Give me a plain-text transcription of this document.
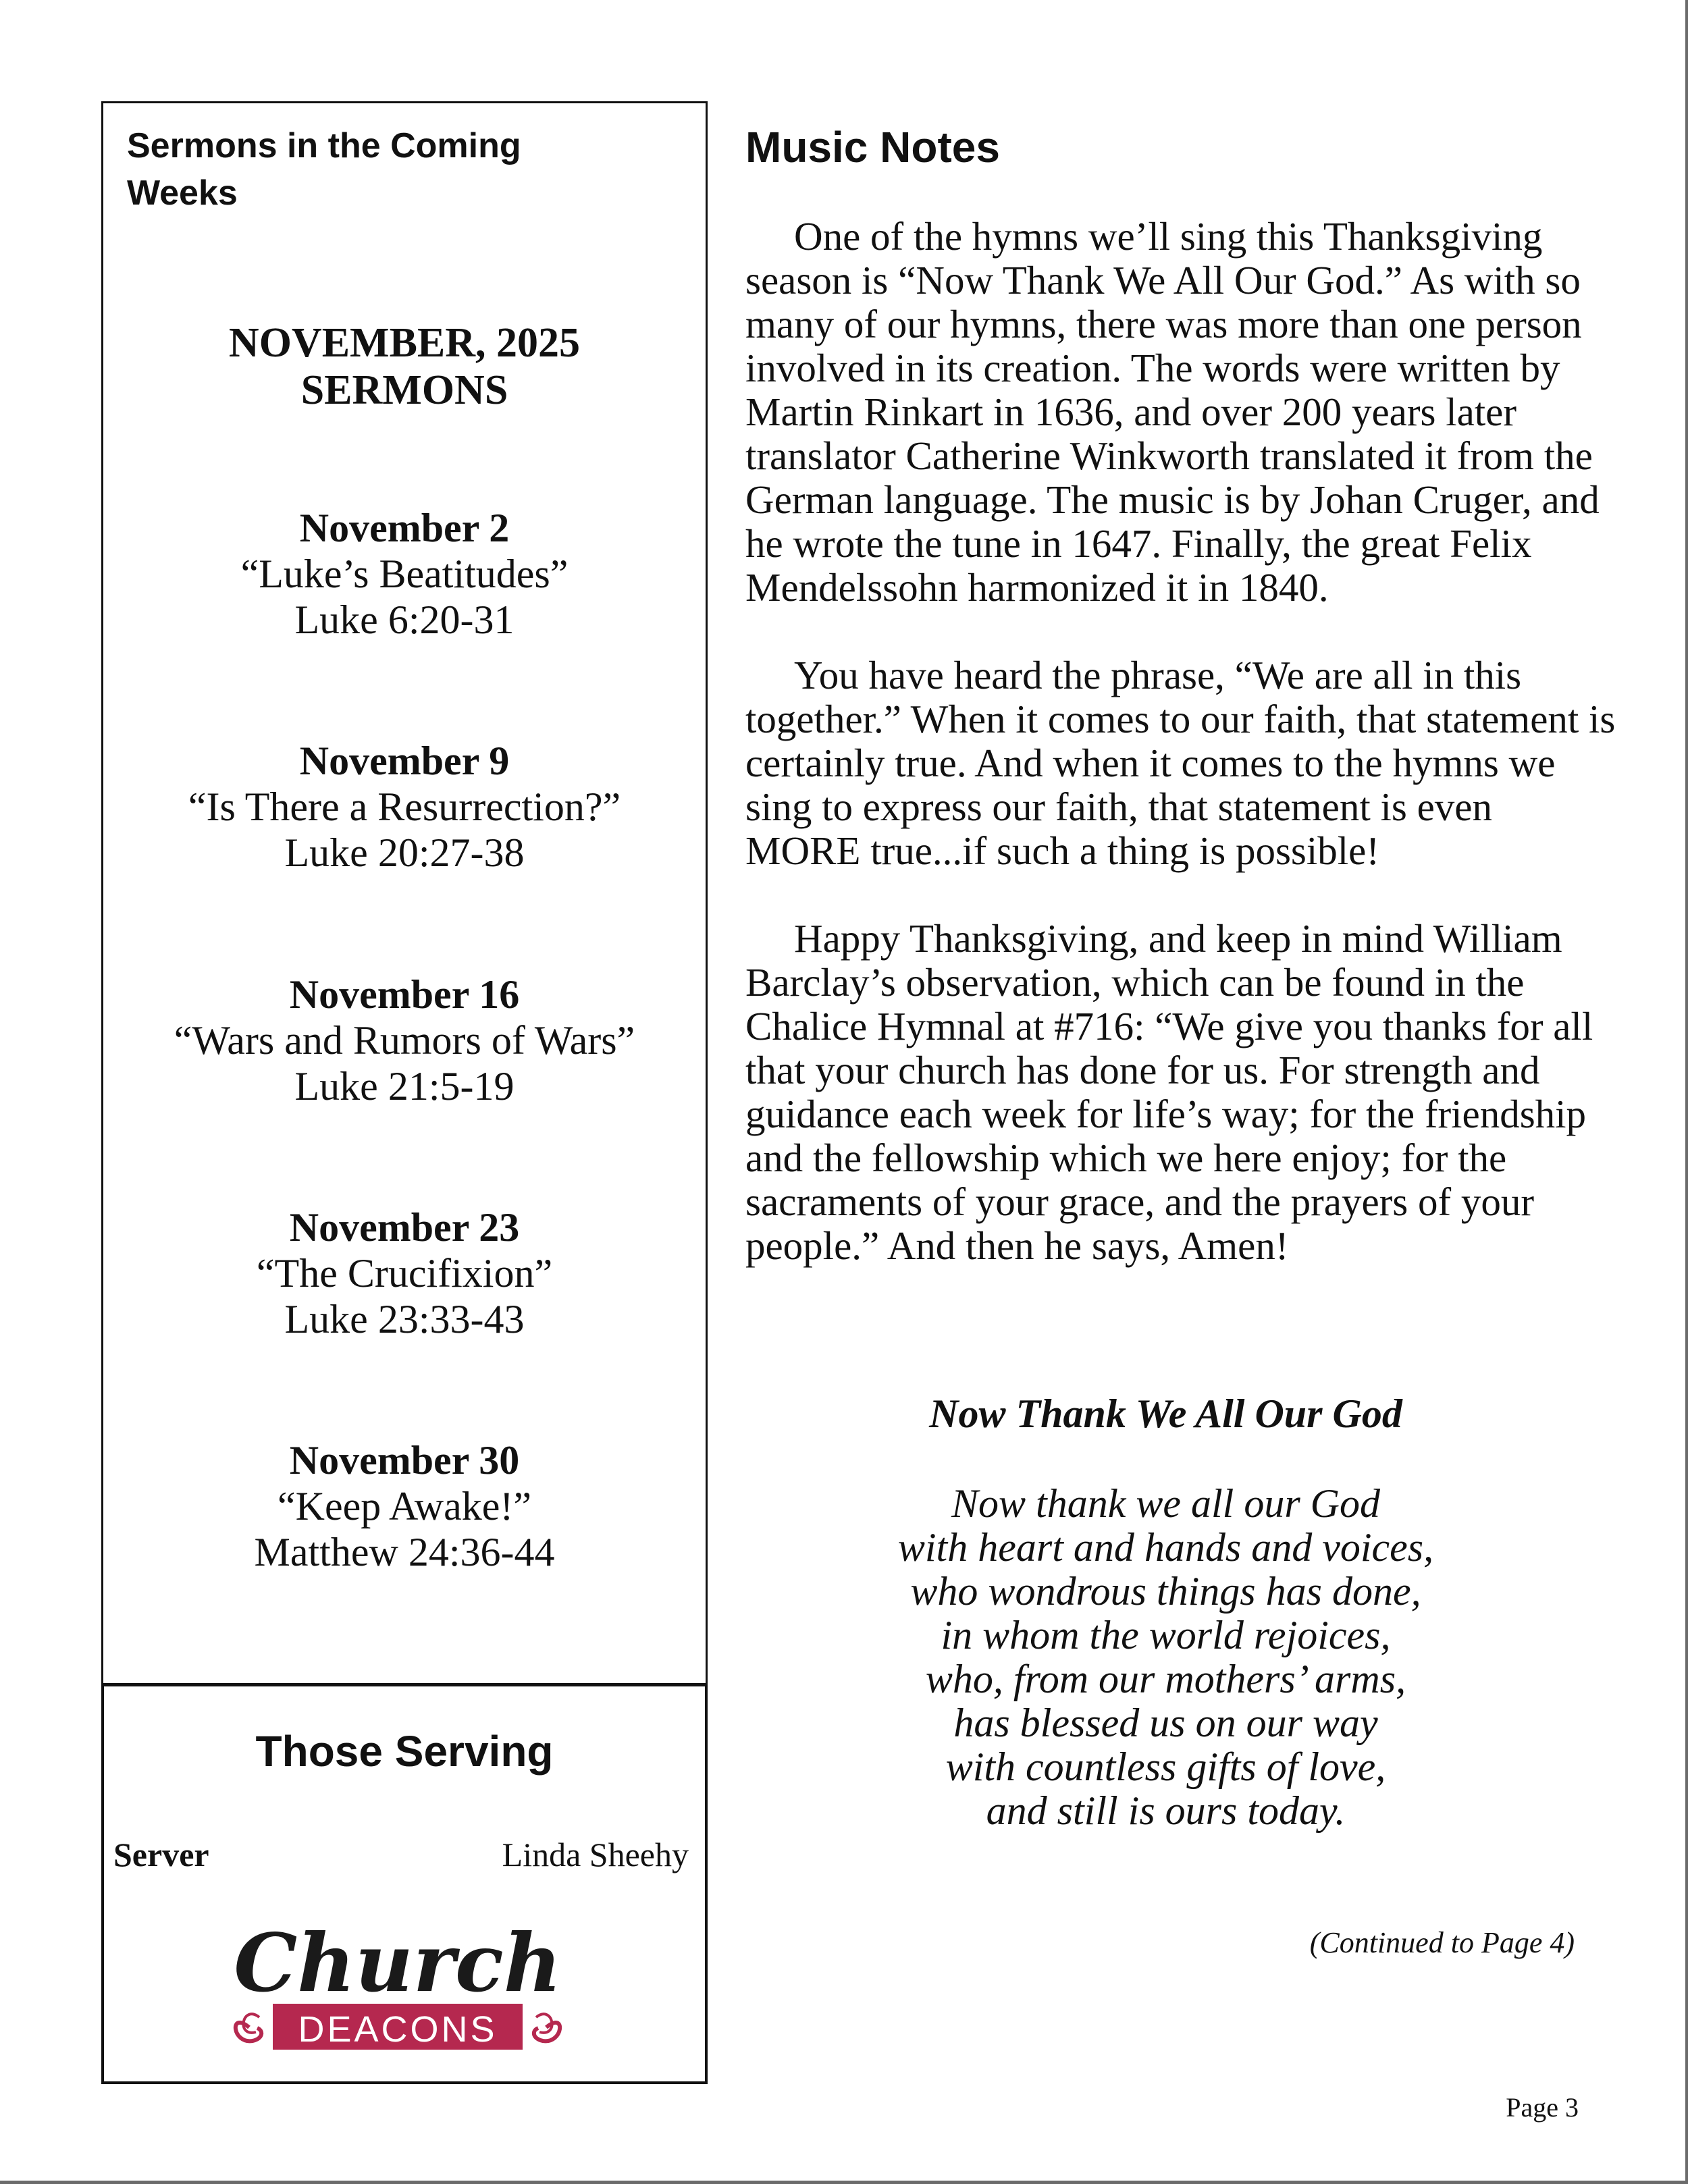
Sermons in the Coming Weeks
NOVEMBER, 2025
SERMONS
November 2
“Luke’s Beatitudes”
Luke 6:20-31
November 9
“Is There a Resurrection?”
Luke 20:27-38
November 16
“Wars and Rumors of Wars”
Luke 21:5-19
November 23
“The Crucifixion”
Luke 23:33-43
November 30
“Keep Awake!”
Matthew 24:36-44
Those Serving
Server	Linda Sheehy
Church
DEACONS
Music Notes

One of the hymns we’ll sing this Thanksgiving season is “Now Thank We All Our God.” As with so many of our hymns, there was more than one person involved in its creation. The words were written by Martin Rinkart in 1636, and over 200 years later translator Catherine Winkworth translated it from the German language. The music is by Johan Cruger, and he wrote the tune in 1647. Finally, the great Felix Mendelssohn harmonized it in 1840.

You have heard the phrase, “We are all in this together.” When it comes to our faith, that statement is certainly true. And when it comes to the hymns we sing to express our faith, that statement is even MORE true...if such a thing is possible!

Happy Thanksgiving, and keep in mind William Barclay’s observation, which can be found in the Chalice Hymnal at #716: “We give you thanks for all that your church has done for us. For strength and guidance each week for life’s way; for the friendship and the fellowship which we here enjoy; for the sacraments of your grace, and the prayers of your people.” And then he says, Amen!

Now Thank We All Our God
Now thank we all our God
with heart and hands and voices,
who wondrous things has done,
in whom the world rejoices,
who, from our mothers’ arms,
has blessed us on our way
with countless gifts of love,
and still is ours today.
(Continued to Page 4)
Page 3
